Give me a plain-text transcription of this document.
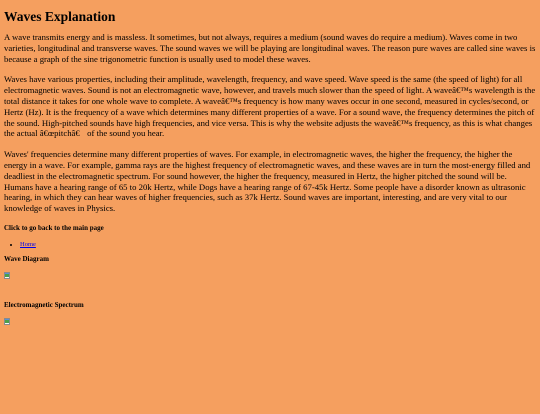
Waves Explanation

A wave transmits energy and is massless. It sometimes, but not always, requires a medium (sound waves do require a medium). Waves come in two varieties, longitudinal and transverse waves. The sound waves we will be playing are longitudinal waves. The reason pure waves are called sine waves is because a graph of the sine trigonometric function is usually used to model these waves.

Waves have various properties, including their amplitude, wavelength, frequency, and wave speed. Wave speed is the same (the speed of light) for all electromagnetic waves. Sound is not an electromagnetic wave, however, and travels much slower than the speed of light. A waveâ€™s wavelength is the total distance it takes for one whole wave to complete. A waveâ€™s frequency is how many waves occur in one second, measured in cycles/second, or Hertz (Hz). It is the frequency of a wave which determines many different properties of a wave. For a sound wave, the frequency determines the pitch of the sound. High-pitched sounds have high frequencies, and vice versa. This is why the website adjusts the waveâ€™s frequency, as this is what changes the actual â€œpitchâ€ of the sound you hear.

Waves' frequencies determine many different properties of waves. For example, in electromagnetic waves, the higher the frequency, the higher the energy in a wave. For example, gamma rays are the highest frequency of electromagnetic waves, and these waves are in turn the most-energy filled and deadliest in the electromagnetic spectrum. For sound however, the higher the frequency, measured in Hertz, the higher pitched the sound will be. Humans have a hearing range of 65 to 20k Hertz, while Dogs have a hearing range of 67-45k Hertz. Some people have a disorder known as ultrasonic hearing, in which they can hear waves of higher frequencies, such as 37k Hertz. Sound waves are important, interesting, and are very vital to our knowledge of waves in Physics.

Click to go back to the main page
• Home
Wave Diagram
Electromagnetic Spectrum
